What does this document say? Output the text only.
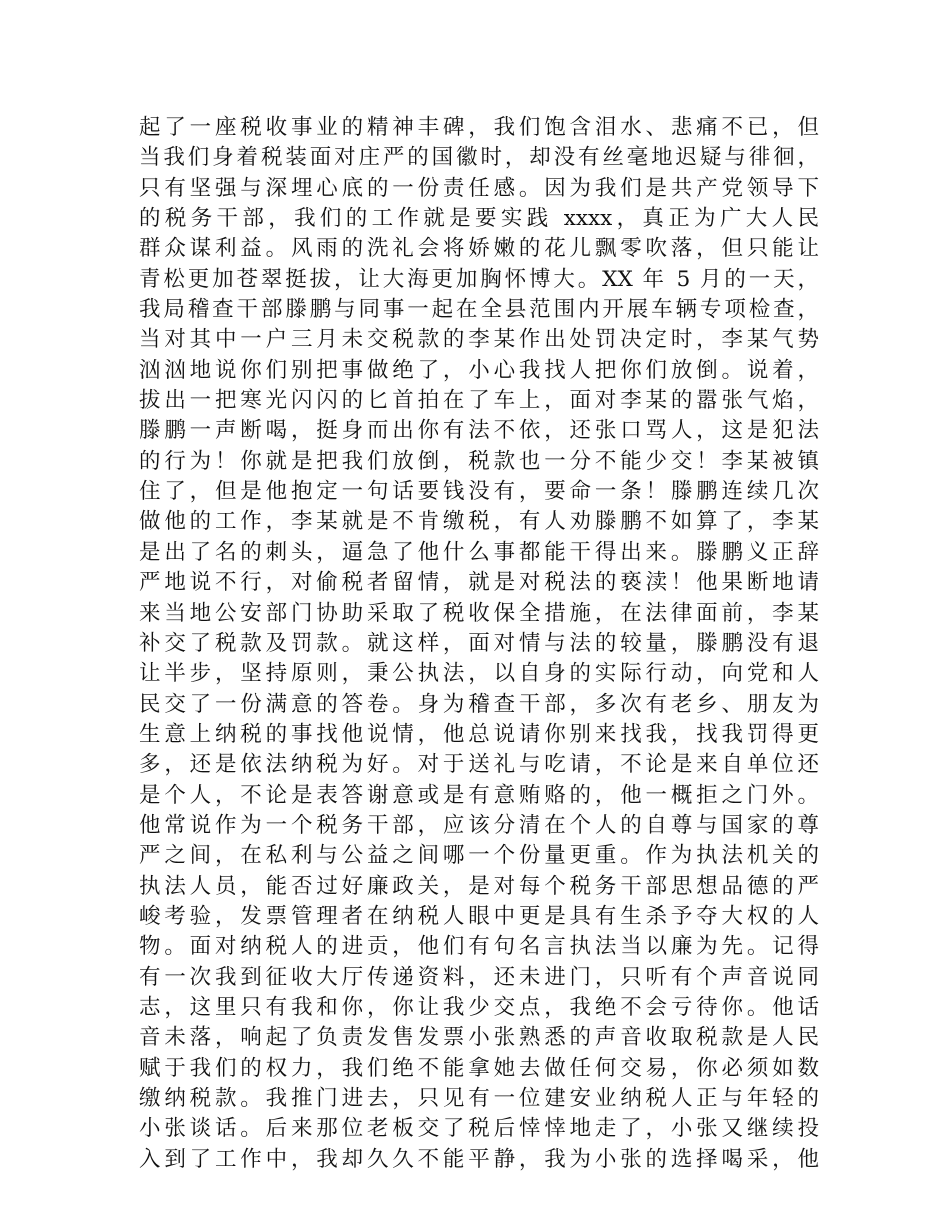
起了一座税收事业的精神丰碑，我们饱含泪水、悲痛不已，但
当我们身着税装面对庄严的国徽时，却没有丝毫地迟疑与徘徊，
只有坚强与深埋心底的一份责任感。因为我们是共产党领导下
的税务干部，我们的工作就是要实践 xxxx，真正为广大人民
群众谋利益。风雨的洗礼会将娇嫩的花儿飘零吹落，但只能让
青松更加苍翠挺拔，让大海更加胸怀博大。XX 年 5 月的一天，
我局稽查干部滕鹏与同事一起在全县范围内开展车辆专项检查，
当对其中一户三月未交税款的李某作出处罚决定时，李某气势
汹汹地说你们别把事做绝了，小心我找人把你们放倒。说着，
拔出一把寒光闪闪的匕首拍在了车上，面对李某的嚣张气焰，
滕鹏一声断喝，挺身而出你有法不依，还张口骂人，这是犯法
的行为！你就是把我们放倒，税款也一分不能少交！李某被镇
住了，但是他抱定一句话要钱没有，要命一条！滕鹏连续几次
做他的工作，李某就是不肯缴税，有人劝滕鹏不如算了，李某
是出了名的刺头，逼急了他什么事都能干得出来。滕鹏义正辞
严地说不行，对偷税者留情，就是对税法的亵渎！他果断地请
来当地公安部门协助采取了税收保全措施，在法律面前，李某
补交了税款及罚款。就这样，面对情与法的较量，滕鹏没有退
让半步，坚持原则，秉公执法，以自身的实际行动，向党和人
民交了一份满意的答卷。身为稽查干部，多次有老乡、朋友为
生意上纳税的事找他说情，他总说请你别来找我，找我罚得更
多，还是依法纳税为好。对于送礼与吃请，不论是来自单位还
是个人，不论是表答谢意或是有意贿赂的，他一概拒之门外。
他常说作为一个税务干部，应该分清在个人的自尊与国家的尊
严之间，在私利与公益之间哪一个份量更重。作为执法机关的
执法人员，能否过好廉政关，是对每个税务干部思想品德的严
峻考验，发票管理者在纳税人眼中更是具有生杀予夺大权的人
物。面对纳税人的进贡，他们有句名言执法当以廉为先。记得
有一次我到征收大厅传递资料，还未进门，只听有个声音说同
志，这里只有我和你，你让我少交点，我绝不会亏待你。他话
音未落，响起了负责发售发票小张熟悉的声音收取税款是人民
赋于我们的权力，我们绝不能拿她去做任何交易，你必须如数
缴纳税款。我推门进去，只见有一位建安业纳税人正与年轻的
小张谈话。后来那位老板交了税后悻悻地走了，小张又继续投
入到了工作中，我却久久不能平静，我为小张的选择喝采，他
